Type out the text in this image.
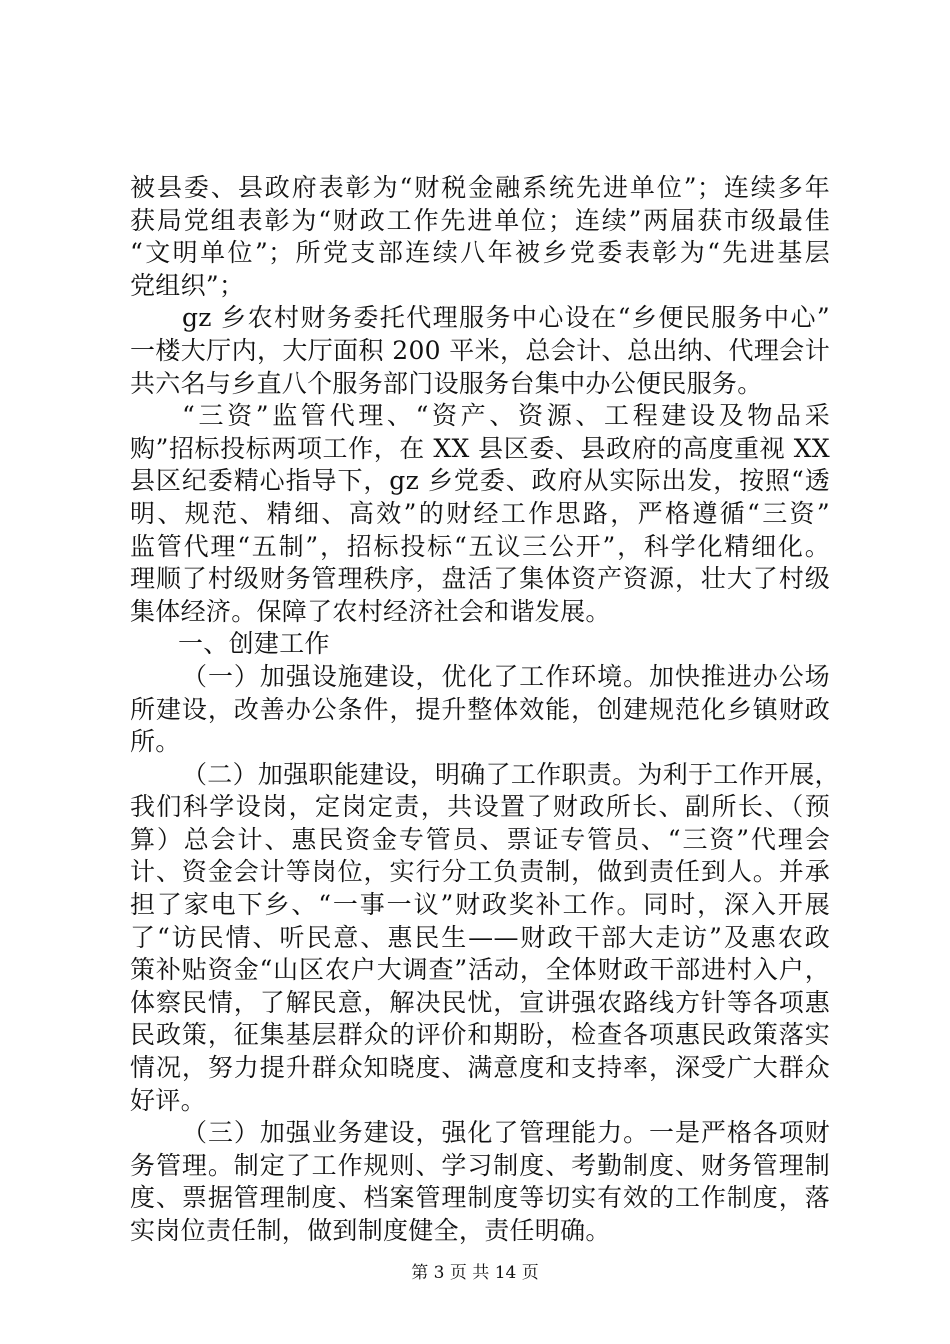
被县委、县政府表彰为“财税金融系统先进单位”；连续多年
获局党组表彰为“财政工作先进单位；连续”两届获市级最佳
“文明单位”；所党支部连续八年被乡党委表彰为“先进基层
党组织”；
gz 乡农村财务委托代理服务中心设在“乡便民服务中心”
一楼大厅内，大厅面积 200 平米，总会计、总出纳、代理会计
共六名与乡直八个服务部门设服务台集中办公便民服务。
“三资”监管代理、“资产、资源、工程建设及物品采
购”招标投标两项工作，在 XX 县区委、县政府的高度重视 XX
县区纪委精心指导下，gz 乡党委、政府从实际出发，按照“透
明、规范、精细、高效”的财经工作思路，严格遵循“三资”
监管代理“五制”，招标投标“五议三公开”，科学化精细化。
理顺了村级财务管理秩序，盘活了集体资产资源，壮大了村级
集体经济。保障了农村经济社会和谐发展。
一、创建工作
（一）加强设施建设，优化了工作环境。加快推进办公场
所建设，改善办公条件，提升整体效能，创建规范化乡镇财政
所。
（二）加强职能建设，明确了工作职责。为利于工作开展，
我们科学设岗，定岗定责，共设置了财政所长、副所长、（预
算）总会计、惠民资金专管员、票证专管员、“三资”代理会
计、资金会计等岗位，实行分工负责制，做到责任到人。并承
担了家电下乡、“一事一议”财政奖补工作。同时，深入开展
了“访民情、听民意、惠民生——财政干部大走访”及惠农政
策补贴资金“山区农户大调查”活动，全体财政干部进村入户，
体察民情，了解民意，解决民忧，宣讲强农路线方针等各项惠
民政策，征集基层群众的评价和期盼，检查各项惠民政策落实
情况，努力提升群众知晓度、满意度和支持率，深受广大群众
好评。
（三）加强业务建设，强化了管理能力。一是严格各项财
务管理。制定了工作规则、学习制度、考勤制度、财务管理制
度、票据管理制度、档案管理制度等切实有效的工作制度，落
实岗位责任制，做到制度健全，责任明确。
第 3 页 共 14 页
